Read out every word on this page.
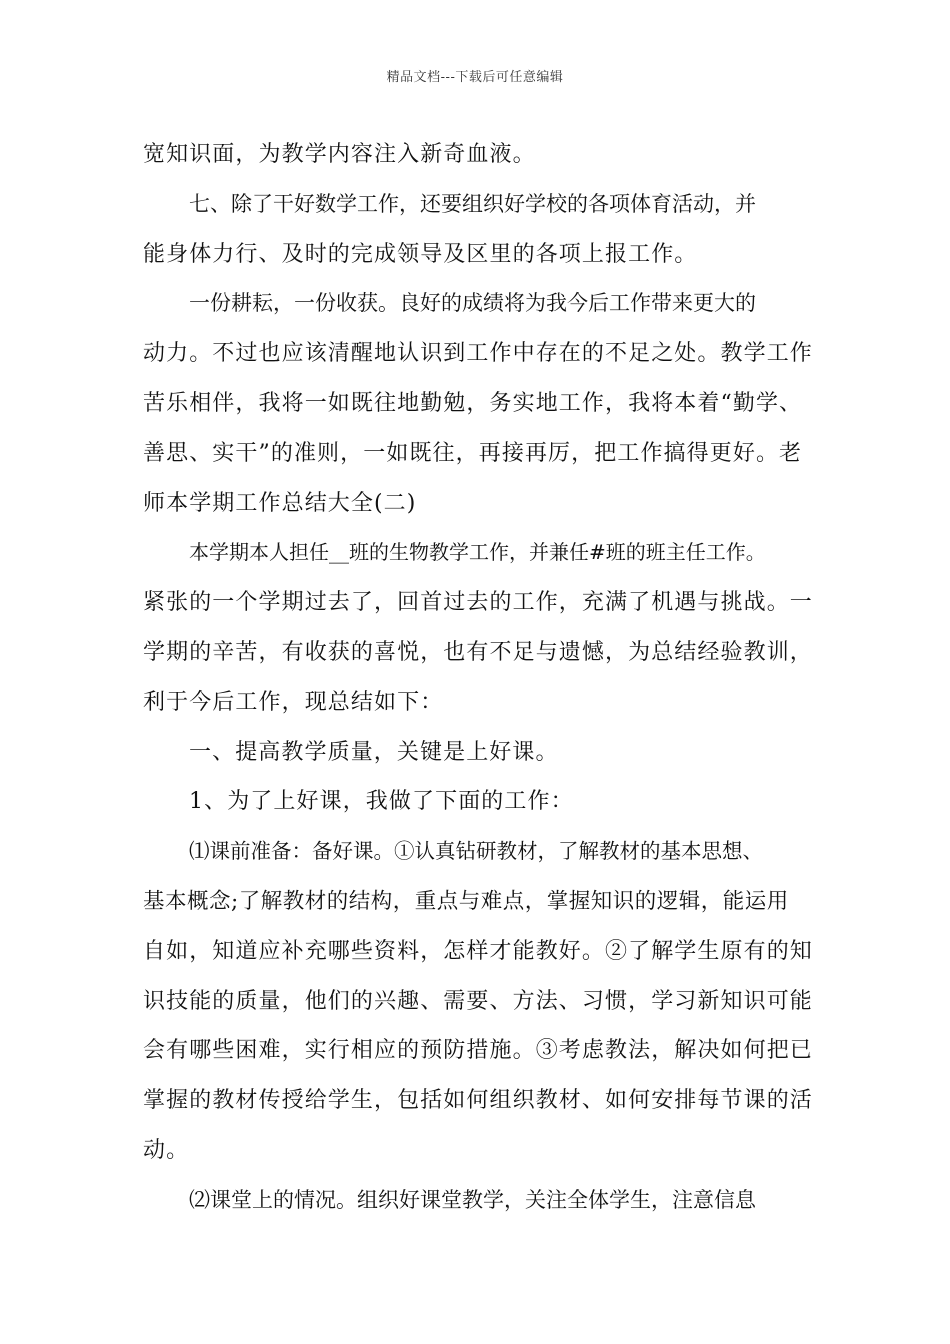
精品文档---下载后可任意编辑
宽知识面，为教学内容注入新奇血液。
七、除了干好数学工作，还要组织好学校的各项体育活动，并
能身体力行、及时的完成领导及区里的各项上报工作。
一份耕耘，一份收获。良好的成绩将为我今后工作带来更大的
动力。不过也应该清醒地认识到工作中存在的不足之处。教学工作
苦乐相伴，我将一如既往地勤勉，务实地工作，我将本着“勤学、
善思、实干”的准则，一如既往，再接再厉，把工作搞得更好。老
师本学期工作总结大全(二)
本学期本人担任__班的生物教学工作，并兼任#班的班主任工作。
紧张的一个学期过去了，回首过去的工作，充满了机遇与挑战。一
学期的辛苦，有收获的喜悦，也有不足与遗憾，为总结经验教训，
利于今后工作，现总结如下：
一、提高教学质量，关键是上好课。
1、为了上好课，我做了下面的工作：
⑴课前准备：备好课。①认真钻研教材，了解教材的基本思想、
基本概念;了解教材的结构，重点与难点，掌握知识的逻辑，能运用
自如，知道应补充哪些资料，怎样才能教好。②了解学生原有的知
识技能的质量，他们的兴趣、需要、方法、习惯，学习新知识可能
会有哪些困难，实行相应的预防措施。③考虑教法，解决如何把已
掌握的教材传授给学生，包括如何组织教材、如何安排每节课的活
动。
⑵课堂上的情况。组织好课堂教学，关注全体学生，注意信息
